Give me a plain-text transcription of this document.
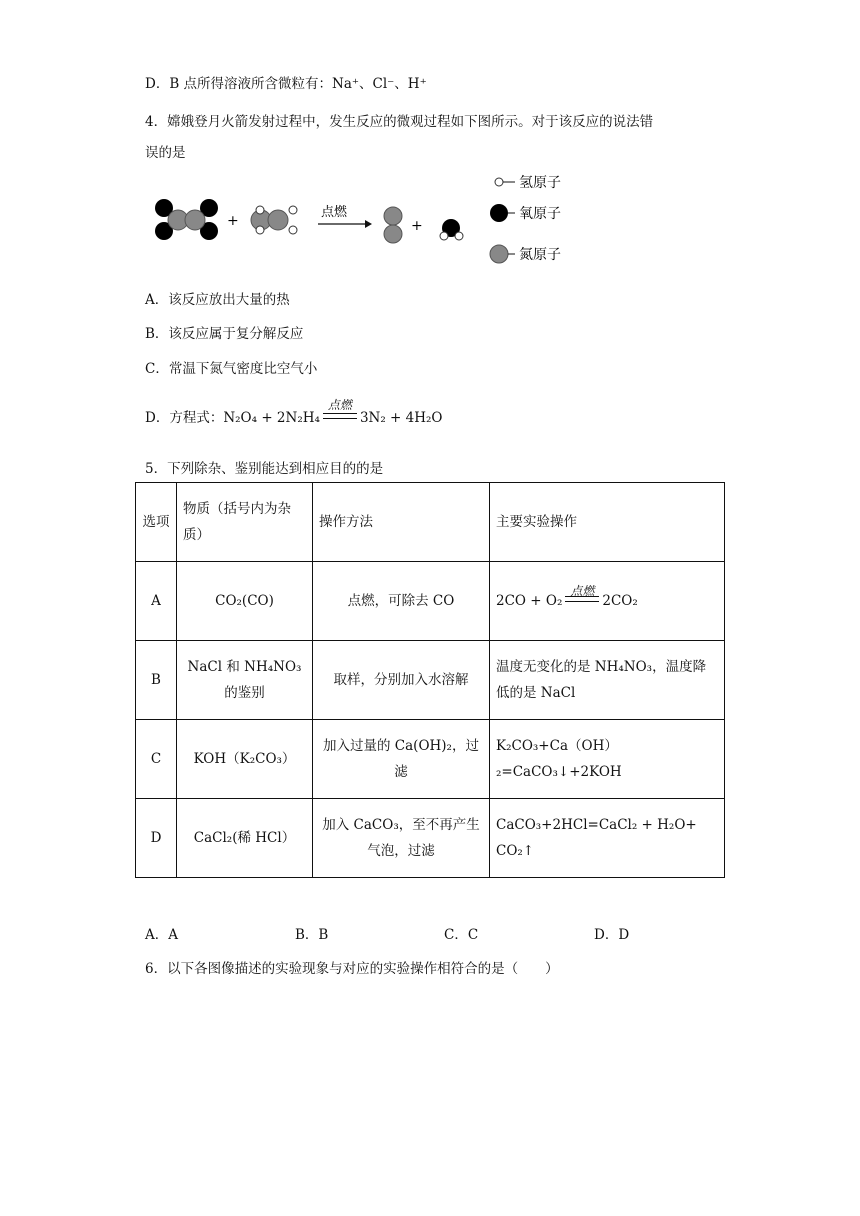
D．B 点所得溶液所含微粒有：Na⁺、Cl⁻、H⁺
4．嫦娥登月火箭发射过程中，发生反应的微观过程如下图所示。对于该反应的说法错
误的是
+
点燃
+
氢原子
氧原子
氮原子
A．该反应放出大量的热
B．该反应属于复分解反应
C．常温下氮气密度比空气小
D．方程式：N₂O₄ + 2N₂H₄
点燃
3N₂ + 4H₂O
5．下列除杂、鉴别能达到相应目的的是
选项	物质（括号内为杂质）	操作方法	主要实验操作
A	CO₂(CO)	点燃，可除去 CO	2CO + O₂
点燃
2CO₂
B	NaCl 和 NH₄NO₃ 的鉴别	取样，分别加入水溶解	温度无变化的是 NH₄NO₃，温度降低的是 NaCl
C	KOH（K₂CO₃）	加入过量的 Ca(OH)₂，过滤	K₂CO₃+Ca（OH）₂=CaCO₃↓+2KOH
D	CaCl₂(稀 HCl）	加入 CaCO₃，至不再产生气泡，过滤	CaCO₃+2HCl=CaCl₂ + H₂O+ CO₂↑
A．A	B．B	C．C	D．D
6．以下各图像描述的实验现象与对应的实验操作相符合的是（　　）
